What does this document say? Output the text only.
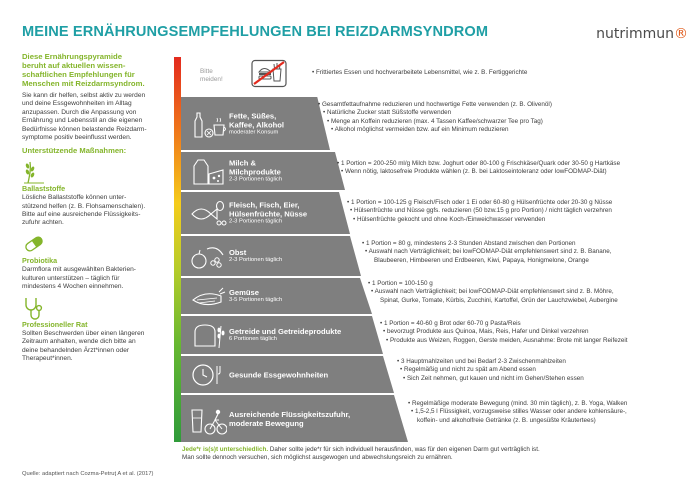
MEINE ERNÄHRUNGSEMPFEHLUNGEN BEI REIZDARMSYNDROM	nutrimmun®
Diese Ernährungspyramide
beruht auf aktuellen wissen-
schaftlichen Empfehlungen für
Menschen mit Reizdarmsyndrom.
Sie kann dir helfen, selbst aktiv zu werden
und deine Essgewohnheiten im Alltag
anzupassen. Durch die Anpassung von
Ernährung und Lebensstil an die eigenen
Bedürfnisse können belastende Reizdarm-
symptome positiv beeinflusst werden.
Unterstützende Maßnahmen:
Ballaststoffe
Lösliche Ballaststoffe können unter-
stützend helfen (z. B. Flohsamenschalen).
Bitte auf eine ausreichende Flüssigkeits-
zufuhr achten.
Probiotika
Darmflora mit ausgewählten Bakterien-
kulturen unterstützen – täglich für
mindestens 4 Wochen einnehmen.
Professioneller Rat
Sollten Beschwerden über einen längeren
Zeitraum anhalten, wende dich bitte an
deine behandelnden Ärzt*innen oder
Therapeut*innen.
Quelle: adaptiert nach Cozma-Petruţ A et al. (2017)
Bitte
meiden!
• Frittiertes Essen und hochverarbeitete Lebensmittel, wie z. B. Fertiggerichte
Fette, Süßes,
Kaffee, Alkohol
moderater Konsum
Milch &
Milchprodukte
2-3 Portionen täglich
Fleisch, Fisch, Eier,
Hülsenfrüchte, Nüsse
2-3 Portionen täglich
Obst
2-3 Portionen täglich
Gemüse
3-5 Portionen täglich
Getreide und Getreideprodukte
6 Portionen täglich
Gesunde Essgewohnheiten
Ausreichende Flüssigkeitszufuhr,
moderate Bewegung
• Gesamtfettaufnahme reduzieren und hochwertige Fette verwenden (z. B. Olivenöl)
• Natürliche Zucker statt Süßstoffe verwenden
• Menge an Koffein reduzieren (max. 4 Tassen Kaffee/schwarzer Tee pro Tag)
• Alkohol möglichst vermeiden bzw. auf ein Minimum reduzieren
• 1 Portion = 200-250 ml/g Milch bzw. Joghurt oder 80-100 g Frischkäse/Quark oder 30-50 g Hartkäse
• Wenn nötig, laktosefreie Produkte wählen (z. B. bei Laktoseintoleranz oder lowFODMAP-Diät)
• 1 Portion = 100-125 g Fleisch/Fisch oder 1 Ei oder 60-80 g Hülsenfrüchte oder 20-30 g Nüsse
• Hülsenfrüchte und Nüsse ggfs. reduzieren (50 bzw.15 g pro Portion) / nicht täglich verzehren
• Hülsenfrüchte gekocht und ohne Koch-/Einweichwasser verwenden
• 1 Portion = 80 g, mindestens 2-3 Stunden Abstand zwischen den Portionen
• Auswahl nach Verträglichkeit; bei lowFODMAP-Diät empfehlenswert sind z. B. Banane,
Blaubeeren, Himbeeren und Erdbeeren, Kiwi, Papaya, Honigmelone, Orange
• 1 Portion = 100-150 g
• Auswahl nach Verträglichkeit; bei lowFODMAP-Diät empfehlenswert sind z. B. Möhre,
Spinat, Gurke, Tomate, Kürbis, Zucchini, Kartoffel, Grün der Lauchzwiebel, Aubergine
• 1 Portion = 40-60 g Brot oder 60-70 g Pasta/Reis
• bevorzugt Produkte aus Quinoa, Mais, Reis, Hafer und Dinkel verzehren
• Produkte aus Weizen, Roggen, Gerste meiden, Ausnahme: Brote mit langer Reifezeit
• 3 Hauptmahlzeiten und bei Bedarf 2-3 Zwischenmahlzeiten
• Regelmäßig und nicht zu spät am Abend essen
• Sich Zeit nehmen, gut kauen und nicht im Gehen/Stehen essen
• Regelmäßige moderate Bewegung (mind. 30 min täglich), z. B. Yoga, Walken
• 1,5-2,5 l Flüssigkeit, vorzugsweise stilles Wasser oder andere kohlensäure-,
koffein- und alkoholfreie Getränke (z. B. ungesüßte Kräutertees)
Jede*r is(s)t unterschiedlich. Daher sollte jede*r für sich individuell herausfinden, was für den eigenen Darm gut verträglich ist.
Man sollte dennoch versuchen, sich möglichst ausgewogen und abwechslungsreich zu ernähren.
